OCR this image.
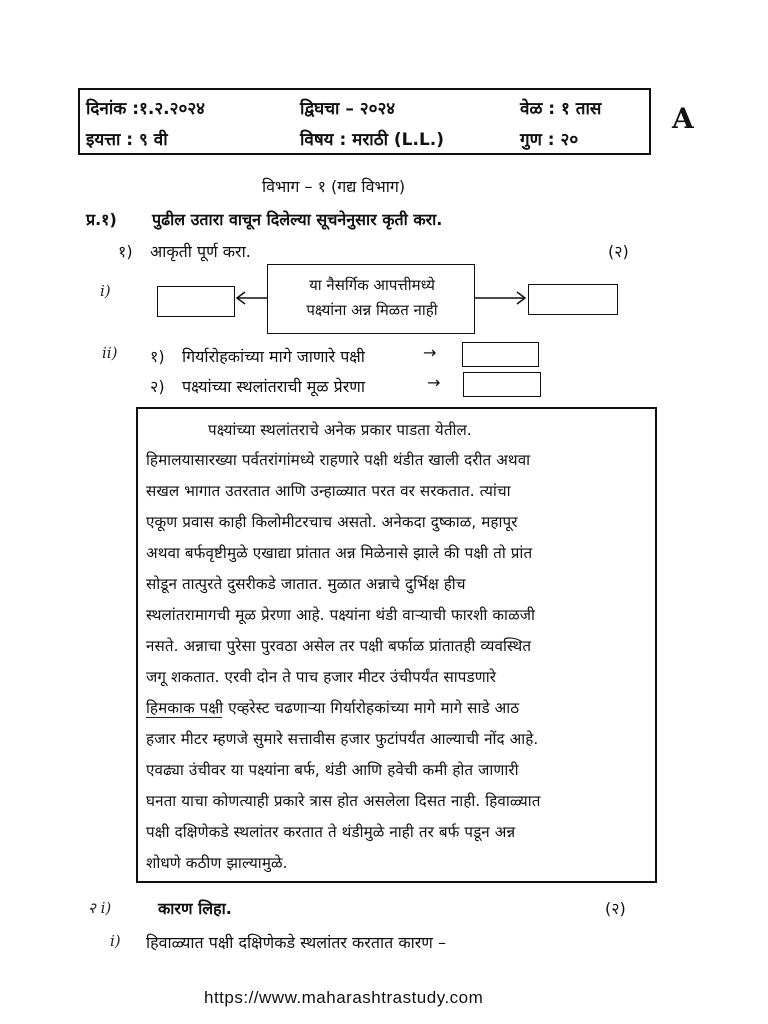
दिनांक :१.२.२०२४	द्विघचा – २०२४	वेळ : १ तास
इयत्ता : ९ वी	विषय : मराठी (L.L.)	गुण : २०
A
विभाग – १ (गद्य विभाग)
प्र.१) पुढील उतारा वाचून दिलेल्या सूचनेनुसार कृती करा.
१) आकृती पूर्ण करा.	(२)
i)	या नैसर्गिक आपत्तीमध्ये
पक्ष्यांना अन्न मिळत नाही
ii) १) गिर्यारोहकांच्या मागे जाणारे पक्षी	→
२) पक्ष्यांच्या स्थलांतराची मूळ प्रेरणा	→
पक्ष्यांच्या स्थलांतराचे अनेक प्रकार पाडता येतील.
हिमालयासारख्या पर्वतरांगांमध्ये राहणारे पक्षी थंडीत खाली दरीत अथवा
सखल भागात उतरतात आणि उन्हाळ्यात परत वर सरकतात. त्यांचा
एकूण प्रवास काही किलोमीटरचाच असतो. अनेकदा दुष्काळ, महापूर
अथवा बर्फवृष्टीमुळे एखाद्या प्रांतात अन्न मिळेनासे झाले की पक्षी तो प्रांत
सोडून तात्पुरते दुसरीकडे जातात. मुळात अन्नाचे दुर्भिक्ष हीच
स्थलांतरामागची मूळ प्रेरणा आहे. पक्ष्यांना थंडी वाऱ्याची फारशी काळजी
नसते. अन्नाचा पुरेसा पुरवठा असेल तर पक्षी बर्फाळ प्रांतातही व्यवस्थित
जगू शकतात. एरवी दोन ते पाच हजार मीटर उंचीपर्यंत सापडणारे
हिमकाक पक्षी एव्हरेस्ट चढणाऱ्या गिर्यारोहकांच्या मागे मागे साडे आठ
हजार मीटर म्हणजे सुमारे सत्तावीस हजार फुटांपर्यंत आल्याची नोंद आहे.
एवढ्या उंचीवर या पक्ष्यांना बर्फ, थंडी आणि हवेची कमी होत जाणारी
घनता याचा कोणत्याही प्रकारे त्रास होत असलेला दिसत नाही. हिवाळ्यात
पक्षी दक्षिणेकडे स्थलांतर करतात ते थंडीमुळे नाही तर बर्फ पडून अन्न
शोधणे कठीण झाल्यामुळे.
२ i)	कारण लिहा.	(२)
i) हिवाळ्यात पक्षी दक्षिणेकडे स्थलांतर करतात कारण –
https://www.maharashtrastudy.com
